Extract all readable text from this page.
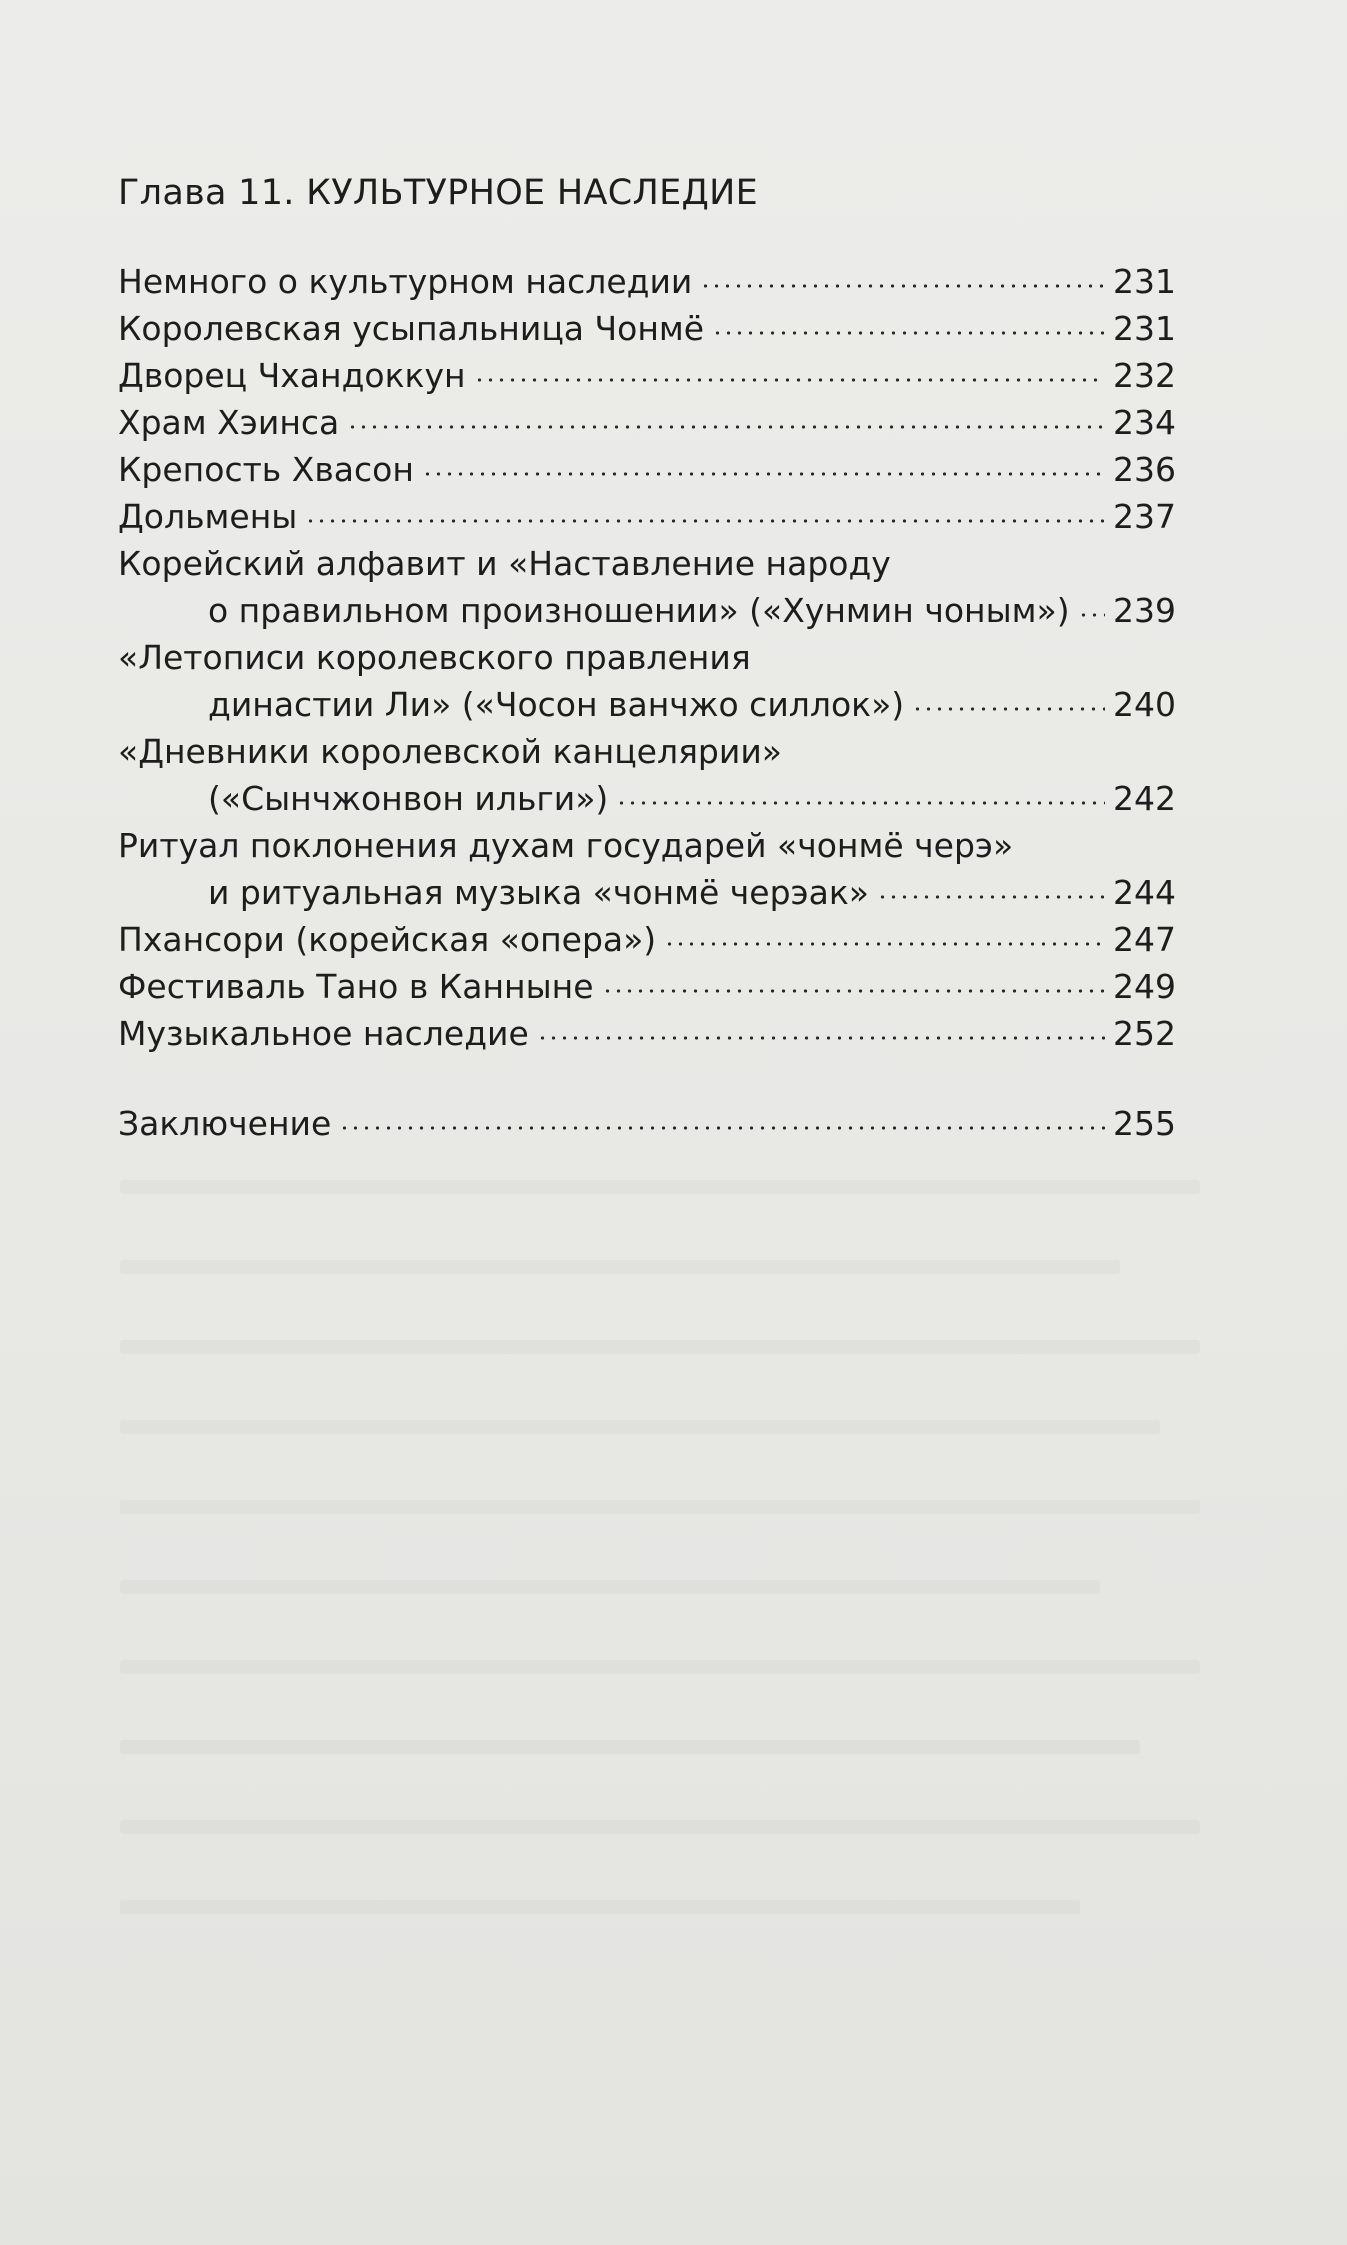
Глава 11. КУЛЬТУРНОЕ НАСЛЕДИЕ
Немного о культурном наследии	231
Королевская усыпальница Чонмё	231
Дворец Чхандоккун	232
Храм Хэинса	234
Крепость Хвасон	236
Дольмены	237
Корейский алфавит и «Наставление народу
о правильном произношении» («Хунмин чоным») 239
«Летописи королевского правления
династии Ли» («Чосон ванчжо силлок»)	240
«Дневники королевской канцелярии»
(«Сынчжонвон ильги»)	242
Ритуал поклонения духам государей «чонмё черэ»
и ритуальная музыка «чонмё черэак»	244
Пхансори (корейская «опера»)	247
Фестиваль Тано в Канныне	249
Музыкальное наследие	252
Заключение	255
